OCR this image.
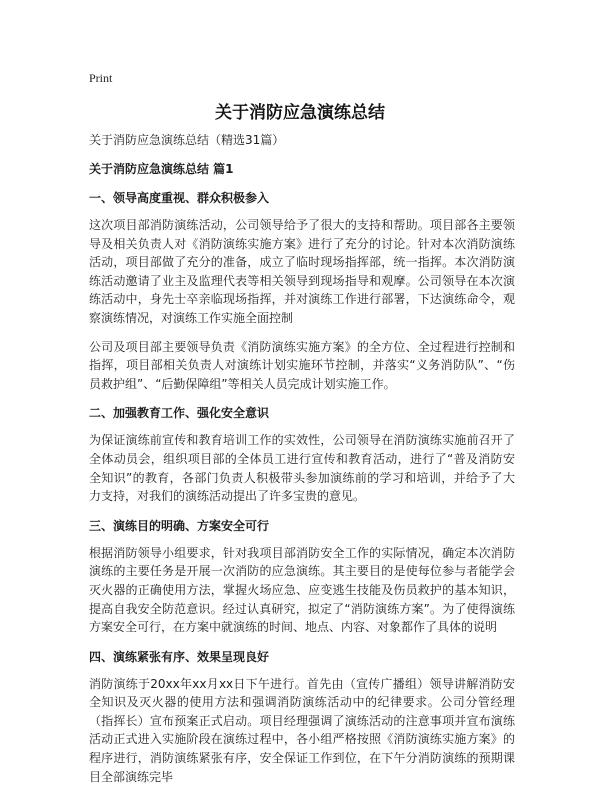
Print
关于消防应急演练总结
关于消防应急演练总结（精选31篇）
关于消防应急演练总结 篇1
一、领导高度重视、群众积极参入

这次项目部消防演练活动，公司领导给予了很大的支持和帮助。项目部各主要领导及相关负责人对《消防演练实施方案》进行了充分的讨论。针对本次消防演练活动，项目部做了充分的准备，成立了临时现场指挥部，统一指挥。本次消防演练活动邀请了业主及监理代表等相关领导到现场指导和观摩。公司领导在本次演练活动中，身先士卒亲临现场指挥，并对演练工作进行部署，下达演练命令，观察演练情况，对演练工作实施全面控制

公司及项目部主要领导负责《消防演练实施方案》的全方位、全过程进行控制和指挥，项目部相关负责人对演练计划实施环节控制，并落实“义务消防队”、“伤员救护组”、“后勤保障组”等相关人员完成计划实施工作。

二、加强教育工作、强化安全意识

为保证演练前宣传和教育培训工作的实效性，公司领导在消防演练实施前召开了全体动员会，组织项目部的全体员工进行宣传和教育活动，进行了“普及消防安全知识”的教育，各部门负责人积极带头参加演练前的学习和培训，并给予了大力支持，对我们的演练活动提出了许多宝贵的意见。

三、演练目的明确、方案安全可行

根据消防领导小组要求，针对我项目部消防安全工作的实际情况，确定本次消防演练的主要任务是开展一次消防的应急演练。其主要目的是使每位参与者能学会灭火器的正确使用方法，掌握火场应急、应变逃生技能及伤员救护的基本知识，提高自我安全防范意识。经过认真研究，拟定了“消防演练方案”。为了使得演练方案安全可行，在方案中就演练的时间、地点、内容、对象都作了具体的说明

四、演练紧张有序、效果呈现良好

消防演练于20xx年xx月xx日下午进行。首先由（宣传广播组）领导讲解消防安全知识及灭火器的使用方法和强调消防演练活动中的纪律要求。公司分管经理（指挥长）宣布预案正式启动。项目经理强调了演练活动的注意事项并宣布演练活动正式进入实施阶段在演练过程中，各小组严格按照《消防演练实施方案》的程序进行，消防演练紧张有序，安全保证工作到位，在下午分消防演练的预期课目全部演练完毕
